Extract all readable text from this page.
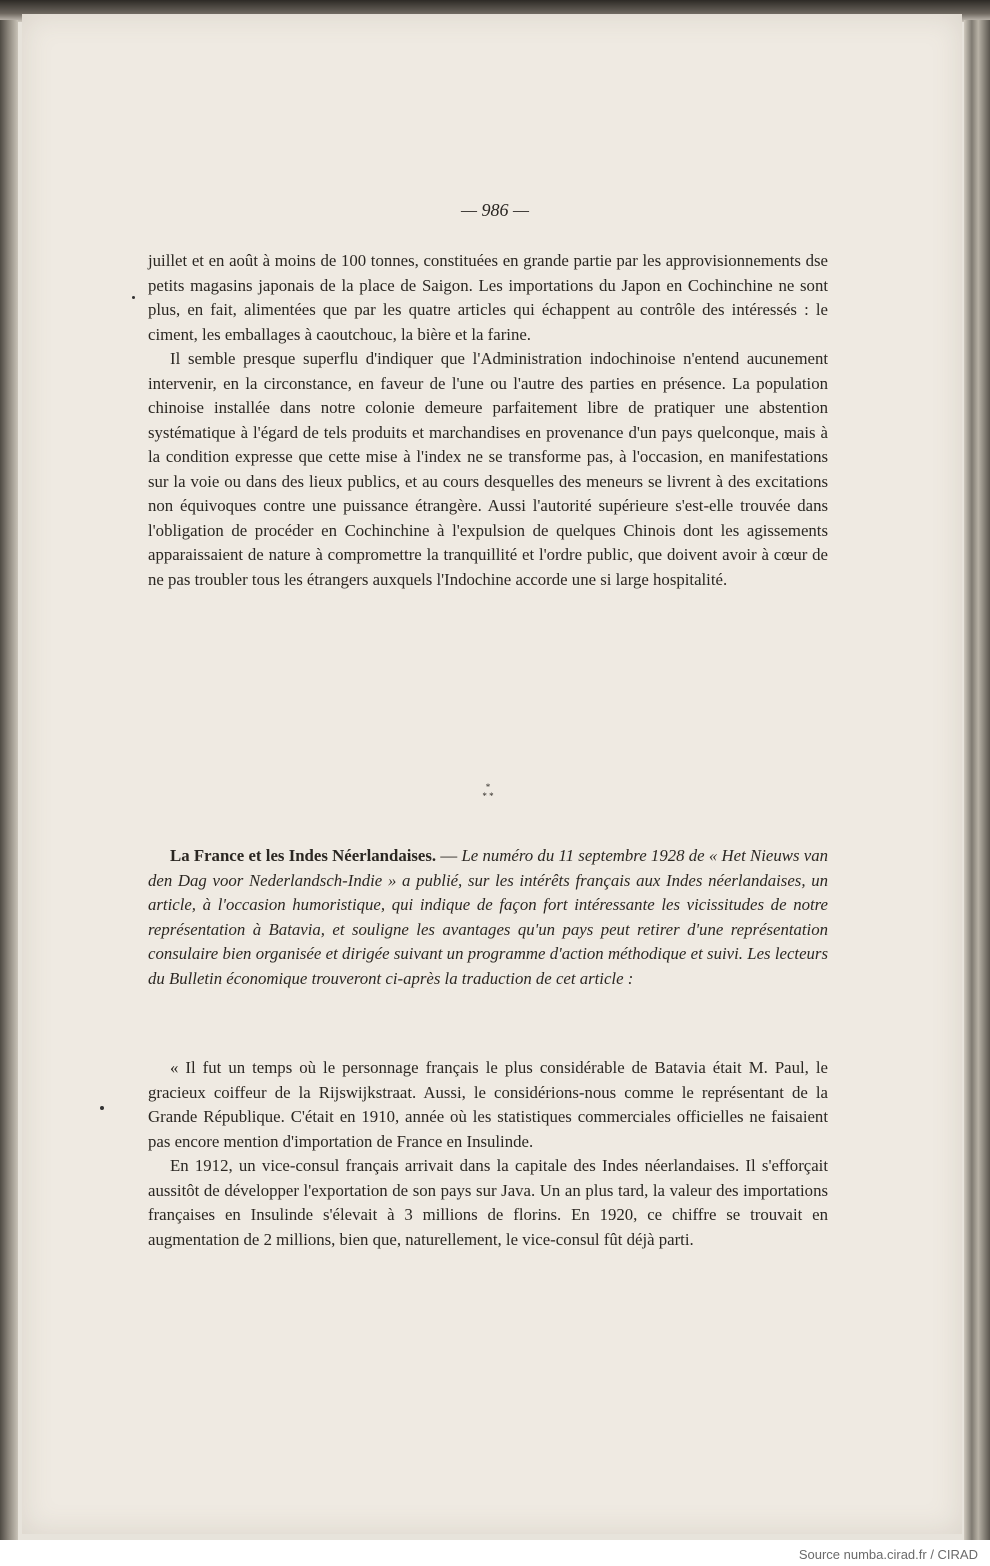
— 986 —

juillet et en août à moins de 100 tonnes, constituées en grande partie par les approvisionnements dse petits magasins japonais de la place de Saigon. Les importations du Japon en Cochinchine ne sont plus, en fait, alimentées que par les quatre articles qui échappent au contrôle des intéressés : le ciment, les emballages à caoutchouc, la bière et la farine.

Il semble presque superflu d'indiquer que l'Administration indochinoise n'entend aucunement intervenir, en la circonstance, en faveur de l'une ou l'autre des parties en présence. La population chinoise installée dans notre colonie demeure parfaitement libre de pratiquer une abstention systématique à l'égard de tels produits et marchandises en provenance d'un pays quelconque, mais à la condition expresse que cette mise à l'index ne se transforme pas, à l'occasion, en manifestations sur la voie ou dans des lieux publics, et au cours desquelles des meneurs se livrent à des excitations non équivoques contre une puissance étrangère. Aussi l'autorité supérieure s'est-elle trouvée dans l'obligation de procéder en Cochinchine à l'expulsion de quelques Chinois dont les agissements apparaissaient de nature à compromettre la tranquillité et l'ordre public, que doivent avoir à cœur de ne pas troubler tous les étrangers auxquels l'Indochine accorde une si large hospitalité.

*
* *

La France et les Indes Néerlandaises. — Le numéro du 11 septembre 1928 de « Het Nieuws van den Dag voor Nederlandsch-Indie » a publié, sur les intérêts français aux Indes néerlandaises, un article, à l'occasion humoristique, qui indique de façon fort intéressante les vicissitudes de notre représentation à Batavia, et souligne les avantages qu'un pays peut retirer d'une représentation consulaire bien organisée et dirigée suivant un programme d'action méthodique et suivi. Les lecteurs du Bulletin économique trouveront ci-après la traduction de cet article :

« Il fut un temps où le personnage français le plus considérable de Batavia était M. Paul, le gracieux coiffeur de la Rijswijkstraat. Aussi, le considérions-nous comme le représentant de la Grande République. C'était en 1910, année où les statistiques commerciales officielles ne faisaient pas encore mention d'importation de France en Insulinde.

En 1912, un vice-consul français arrivait dans la capitale des Indes néerlandaises. Il s'efforçait aussitôt de développer l'exportation de son pays sur Java. Un an plus tard, la valeur des importations françaises en Insulinde s'élevait à 3 millions de florins. En 1920, ce chiffre se trouvait en augmentation de 2 millions, bien que, naturellement, le vice-consul fût déjà parti.

Source numba.cirad.fr / CIRAD
